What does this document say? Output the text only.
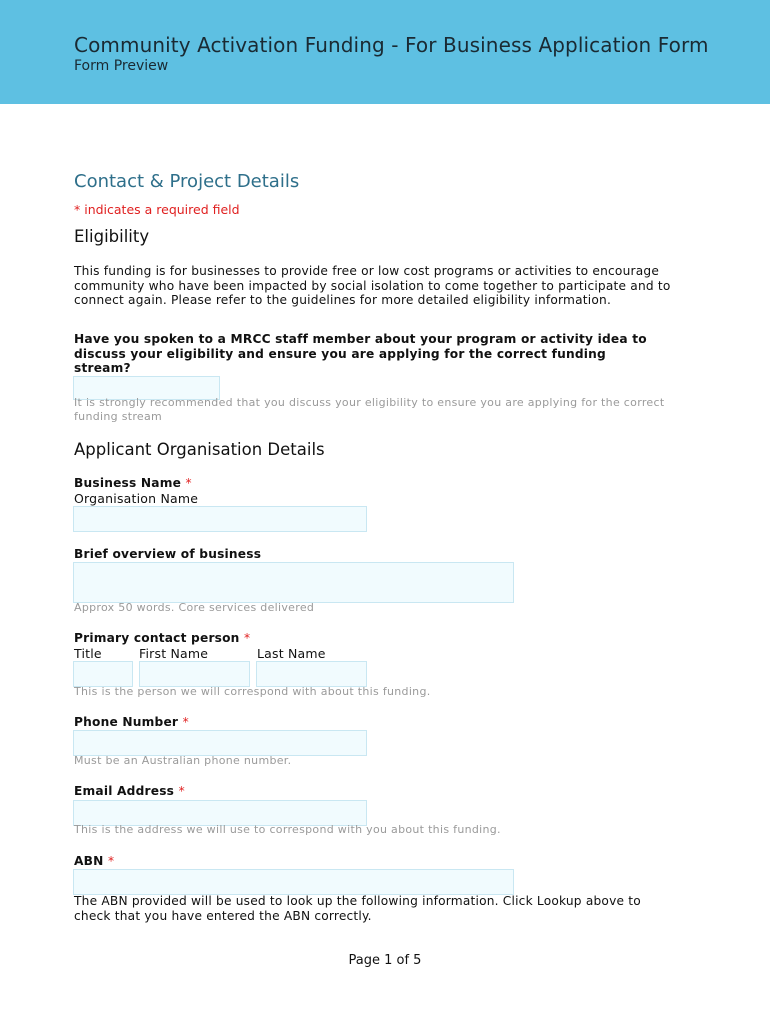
Community Activation Funding - For Business Application Form
Form Preview
Contact & Project Details
* indicates a required field
Eligibility
This funding is for businesses to provide free or low cost programs or activities to encourage community who have been impacted by social isolation to come together to participate and to connect again. Please refer to the guidelines for more detailed eligibility information.
Have you spoken to a MRCC staff member about your program or activity idea to discuss your eligibility and ensure you are applying for the correct funding stream?
It is strongly recommended that you discuss your eligibility to ensure you are applying for the correct funding stream
Applicant Organisation Details
Business Name *
Organisation Name
Brief overview of business
Approx 50 words. Core services delivered
Primary contact person *
Title	First Name	Last Name
This is the person we will correspond with about this funding.
Phone Number *
Must be an Australian phone number.
Email Address *
This is the address we will use to correspond with you about this funding.
ABN *
The ABN provided will be used to look up the following information. Click Lookup above to check that you have entered the ABN correctly.
Page 1 of 5
